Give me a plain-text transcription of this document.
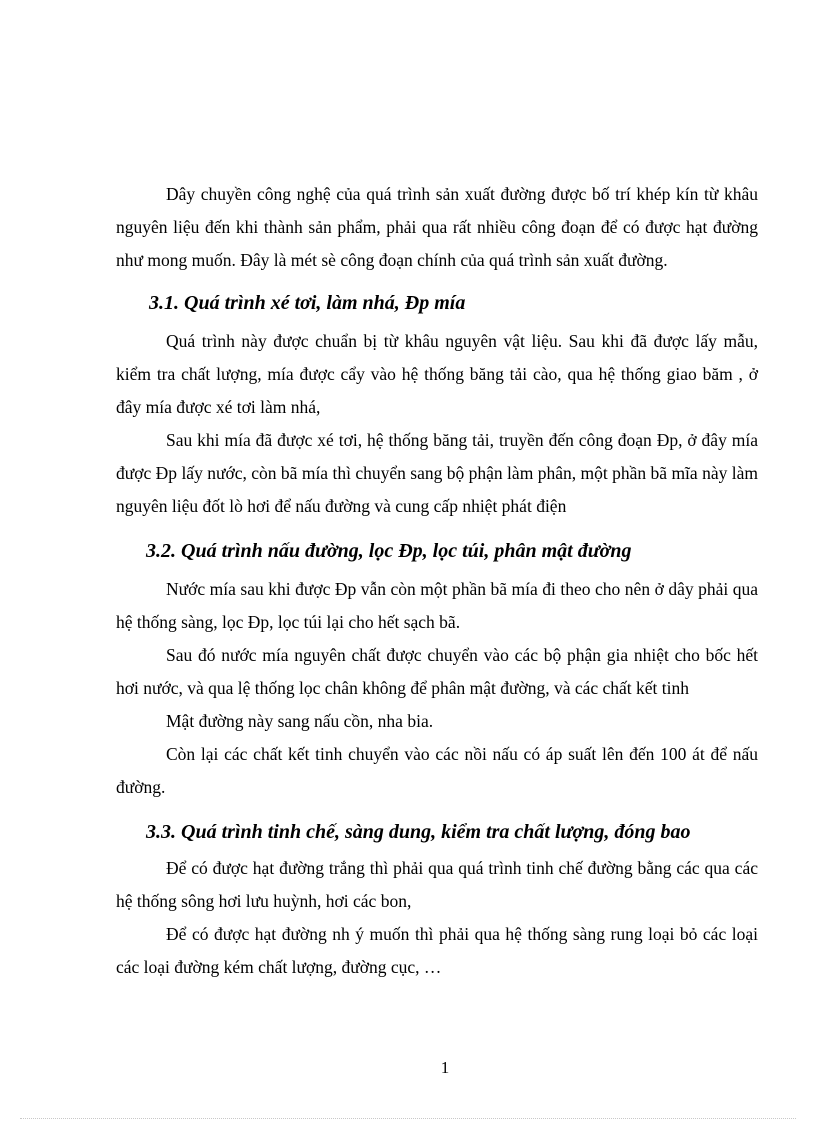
Dây chuyền công nghệ của quá trình sản xuất đường được bố trí khép kín từ khâu nguyên liệu đến khi thành sản phẩm, phải qua rất nhiều công đoạn để có được hạt đường như mong muốn. Đây là mét sè công đoạn chính của quá trình sản xuất đường.

3.1. Quá trình xé tơi, làm nhá, Đp mía

Quá trình này được chuẩn bị từ khâu nguyên vật liệu. Sau khi đã được lấy mẫu, kiểm tra chất lượng, mía được cẩy vào hệ thống băng tải cào, qua hệ thống giao băm , ở đây mía được xé tơi làm nhá,

Sau khi mía đã được xé tơi, hệ thống băng tải, truyền đến công đoạn Đp, ở đây mía được Đp lấy nước, còn bã mía thì chuyển sang bộ phận làm phân, một phần bã mĩa này làm nguyên liệu đốt lò hơi để nấu đường và cung cấp nhiệt phát điện

3.2. Quá trình nấu đường, lọc Đp, lọc túi, phân mật đường

Nước mía sau khi được Đp vẫn còn một phần bã mía đi theo cho nên ở dây phải qua hệ thống sàng, lọc Đp, lọc túi lại cho hết sạch bã.

Sau đó nước mía nguyên chất được chuyển vào các bộ phận gia nhiệt cho bốc hết hơi nước, và qua lệ thống lọc chân không để phân mật đường, và các chất kết tinh

Mật đường này sang nấu cồn, nha bia.

Còn lại các chất kết tinh chuyển vào các nồi nấu có áp suất lên đến 100 át để nấu đường.

3.3. Quá trình tinh chế, sàng dung, kiểm tra chất lượng, đóng bao

Để có được hạt đường trắng thì phải qua quá trình tinh chế đường bằng các qua các hệ thống sông hơi lưu huỳnh, hơi các bon,

Để có được hạt đường nh ý muốn thì phải qua hệ thống sàng rung loại bỏ các loại các loại đường kém chất lượng, đường cục, …

1
